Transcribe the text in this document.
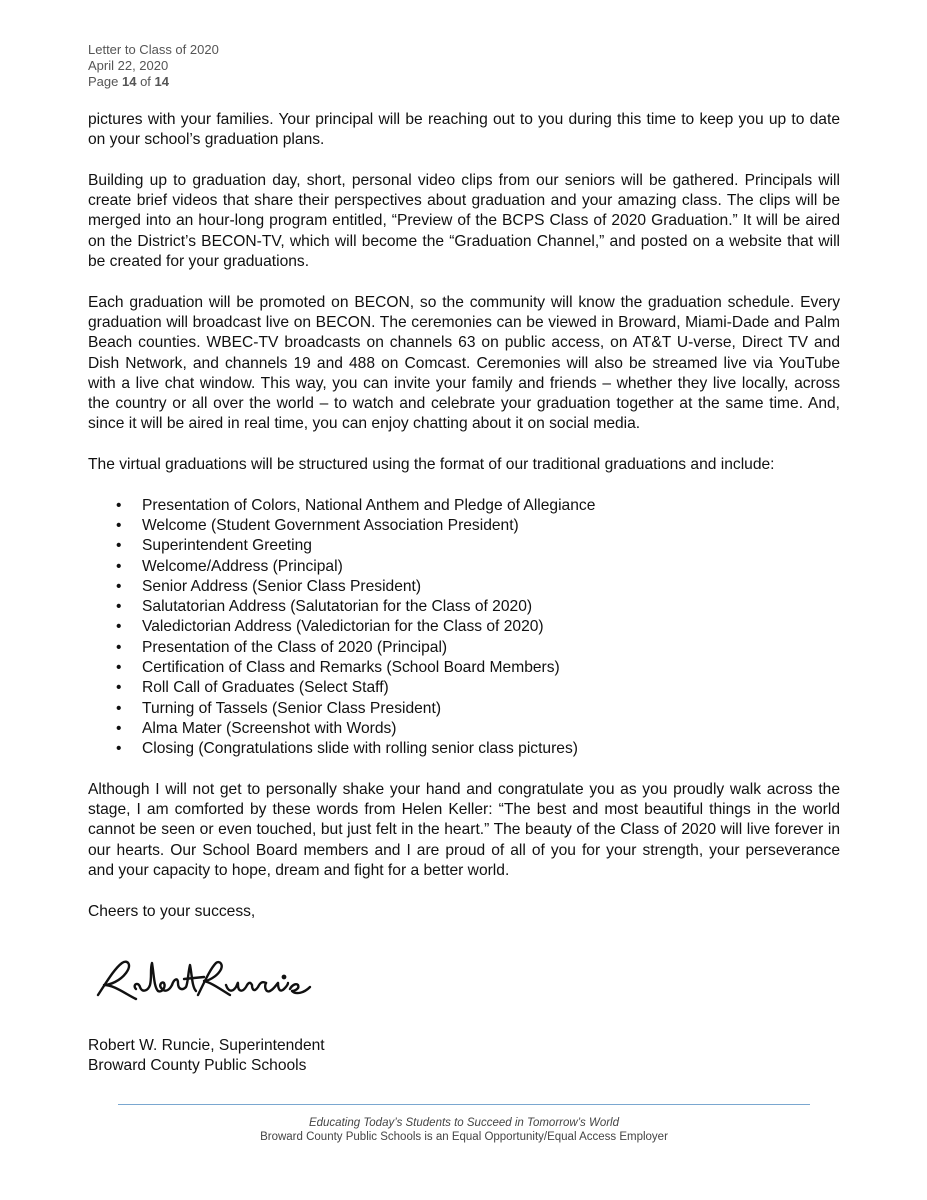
Letter to Class of 2020
April 22, 2020
Page 14 of 14

pictures with your families. Your principal will be reaching out to you during this time to keep you up to date on your school’s graduation plans.

Building up to graduation day, short, personal video clips from our seniors will be gathered. Principals will create brief videos that share their perspectives about graduation and your amazing class. The clips will be merged into an hour-long program entitled, “Preview of the BCPS Class of 2020 Graduation.” It will be aired on the District’s BECON-TV, which will become the “Graduation Channel,” and posted on a website that will be created for your graduations.

Each graduation will be promoted on BECON, so the community will know the graduation schedule. Every graduation will broadcast live on BECON. The ceremonies can be viewed in Broward, Miami-Dade and Palm Beach counties. WBEC-TV broadcasts on channels 63 on public access, on AT&T U-verse, Direct TV and Dish Network, and channels 19 and 488 on Comcast. Ceremonies will also be streamed live via YouTube with a live chat window. This way, you can invite your family and friends – whether they live locally, across the country or all over the world – to watch and celebrate your graduation together at the same time. And, since it will be aired in real time, you can enjoy chatting about it on social media.

The virtual graduations will be structured using the format of our traditional graduations and include:

• Presentation of Colors, National Anthem and Pledge of Allegiance
• Welcome (Student Government Association President)
• Superintendent Greeting
• Welcome/Address (Principal)
• Senior Address (Senior Class President)
• Salutatorian Address (Salutatorian for the Class of 2020)
• Valedictorian Address (Valedictorian for the Class of 2020)
• Presentation of the Class of 2020 (Principal)
• Certification of Class and Remarks (School Board Members)
• Roll Call of Graduates (Select Staff)
• Turning of Tassels (Senior Class President)
• Alma Mater (Screenshot with Words)
• Closing (Congratulations slide with rolling senior class pictures)

Although I will not get to personally shake your hand and congratulate you as you proudly walk across the stage, I am comforted by these words from Helen Keller: “The best and most beautiful things in the world cannot be seen or even touched, but just felt in the heart.” The beauty of the Class of 2020 will live forever in our hearts. Our School Board members and I are proud of all of you for your strength, your perseverance and your capacity to hope, dream and fight for a better world.

Cheers to your success,

Robert W. Runcie, Superintendent
Broward County Public Schools
Educating Today’s Students to Succeed in Tomorrow’s World
Broward County Public Schools is an Equal Opportunity/Equal Access Employer
